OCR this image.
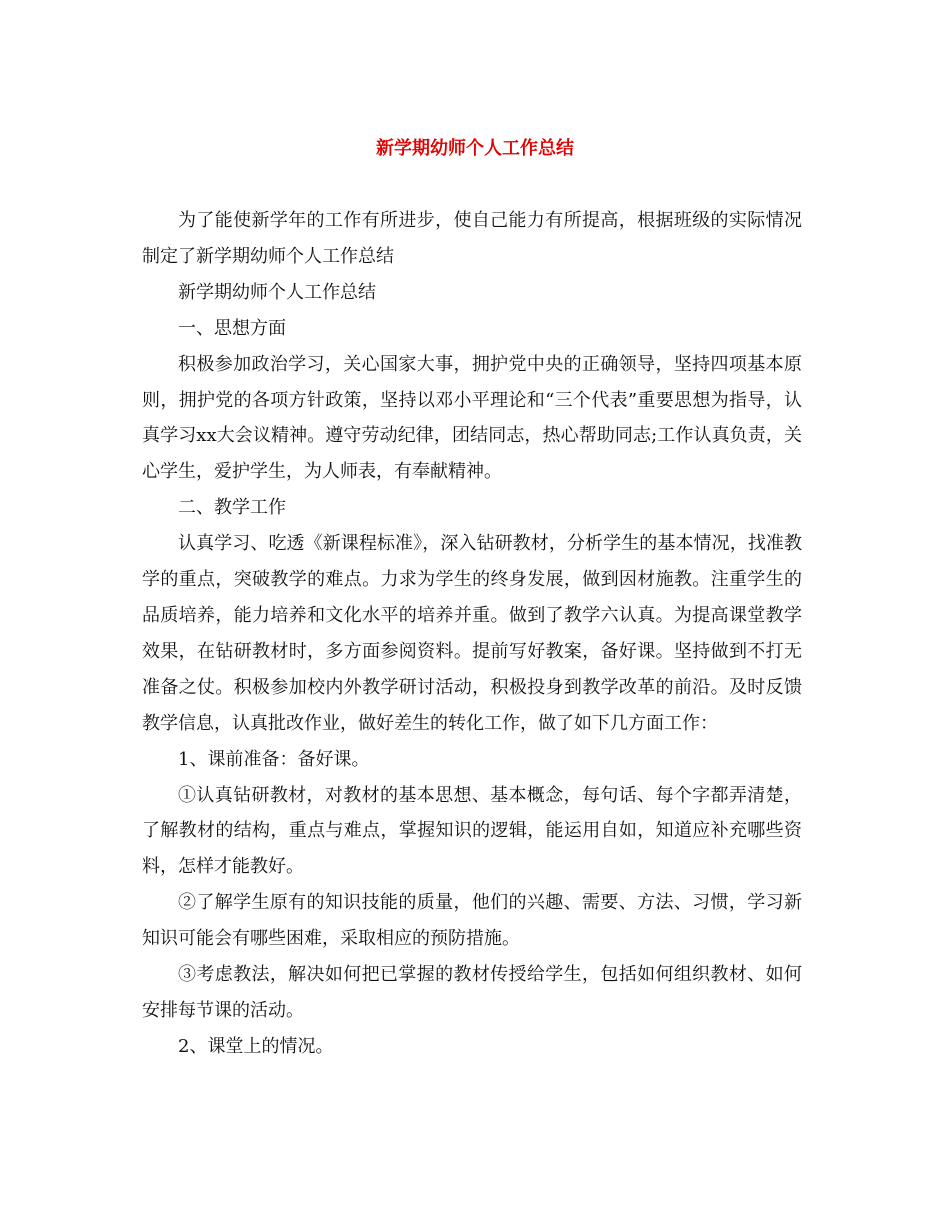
新学期幼师个人工作总结

为了能使新学年的工作有所进步，使自己能力有所提高，根据班级的实际情况制定了新学期幼师个人工作总结

新学期幼师个人工作总结

一、思想方面

积极参加政治学习，关心国家大事，拥护党中央的正确领导，坚持四项基本原则，拥护党的各项方针政策，坚持以邓小平理论和“三个代表”重要思想为指导，认真学习xx大会议精神。遵守劳动纪律，团结同志，热心帮助同志;工作认真负责，关心学生，爱护学生，为人师表，有奉献精神。

二、教学工作

认真学习、吃透《新课程标准》，深入钻研教材，分析学生的基本情况，找准教学的重点，突破教学的难点。力求为学生的终身发展，做到因材施教。注重学生的品质培养，能力培养和文化水平的培养并重。做到了教学六认真。为提高课堂教学效果，在钻研教材时，多方面参阅资料。提前写好教案，备好课。坚持做到不打无准备之仗。积极参加校内外教学研讨活动，积极投身到教学改革的前沿。及时反馈教学信息，认真批改作业，做好差生的转化工作，做了如下几方面工作：

1、课前准备：备好课。

①认真钻研教材，对教材的基本思想、基本概念，每句话、每个字都弄清楚，了解教材的结构，重点与难点，掌握知识的逻辑，能运用自如，知道应补充哪些资料，怎样才能教好。

②了解学生原有的知识技能的质量，他们的兴趣、需要、方法、习惯，学习新知识可能会有哪些困难，采取相应的预防措施。

③考虑教法，解决如何把已掌握的教材传授给学生，包括如何组织教材、如何安排每节课的活动。

2、课堂上的情况。
